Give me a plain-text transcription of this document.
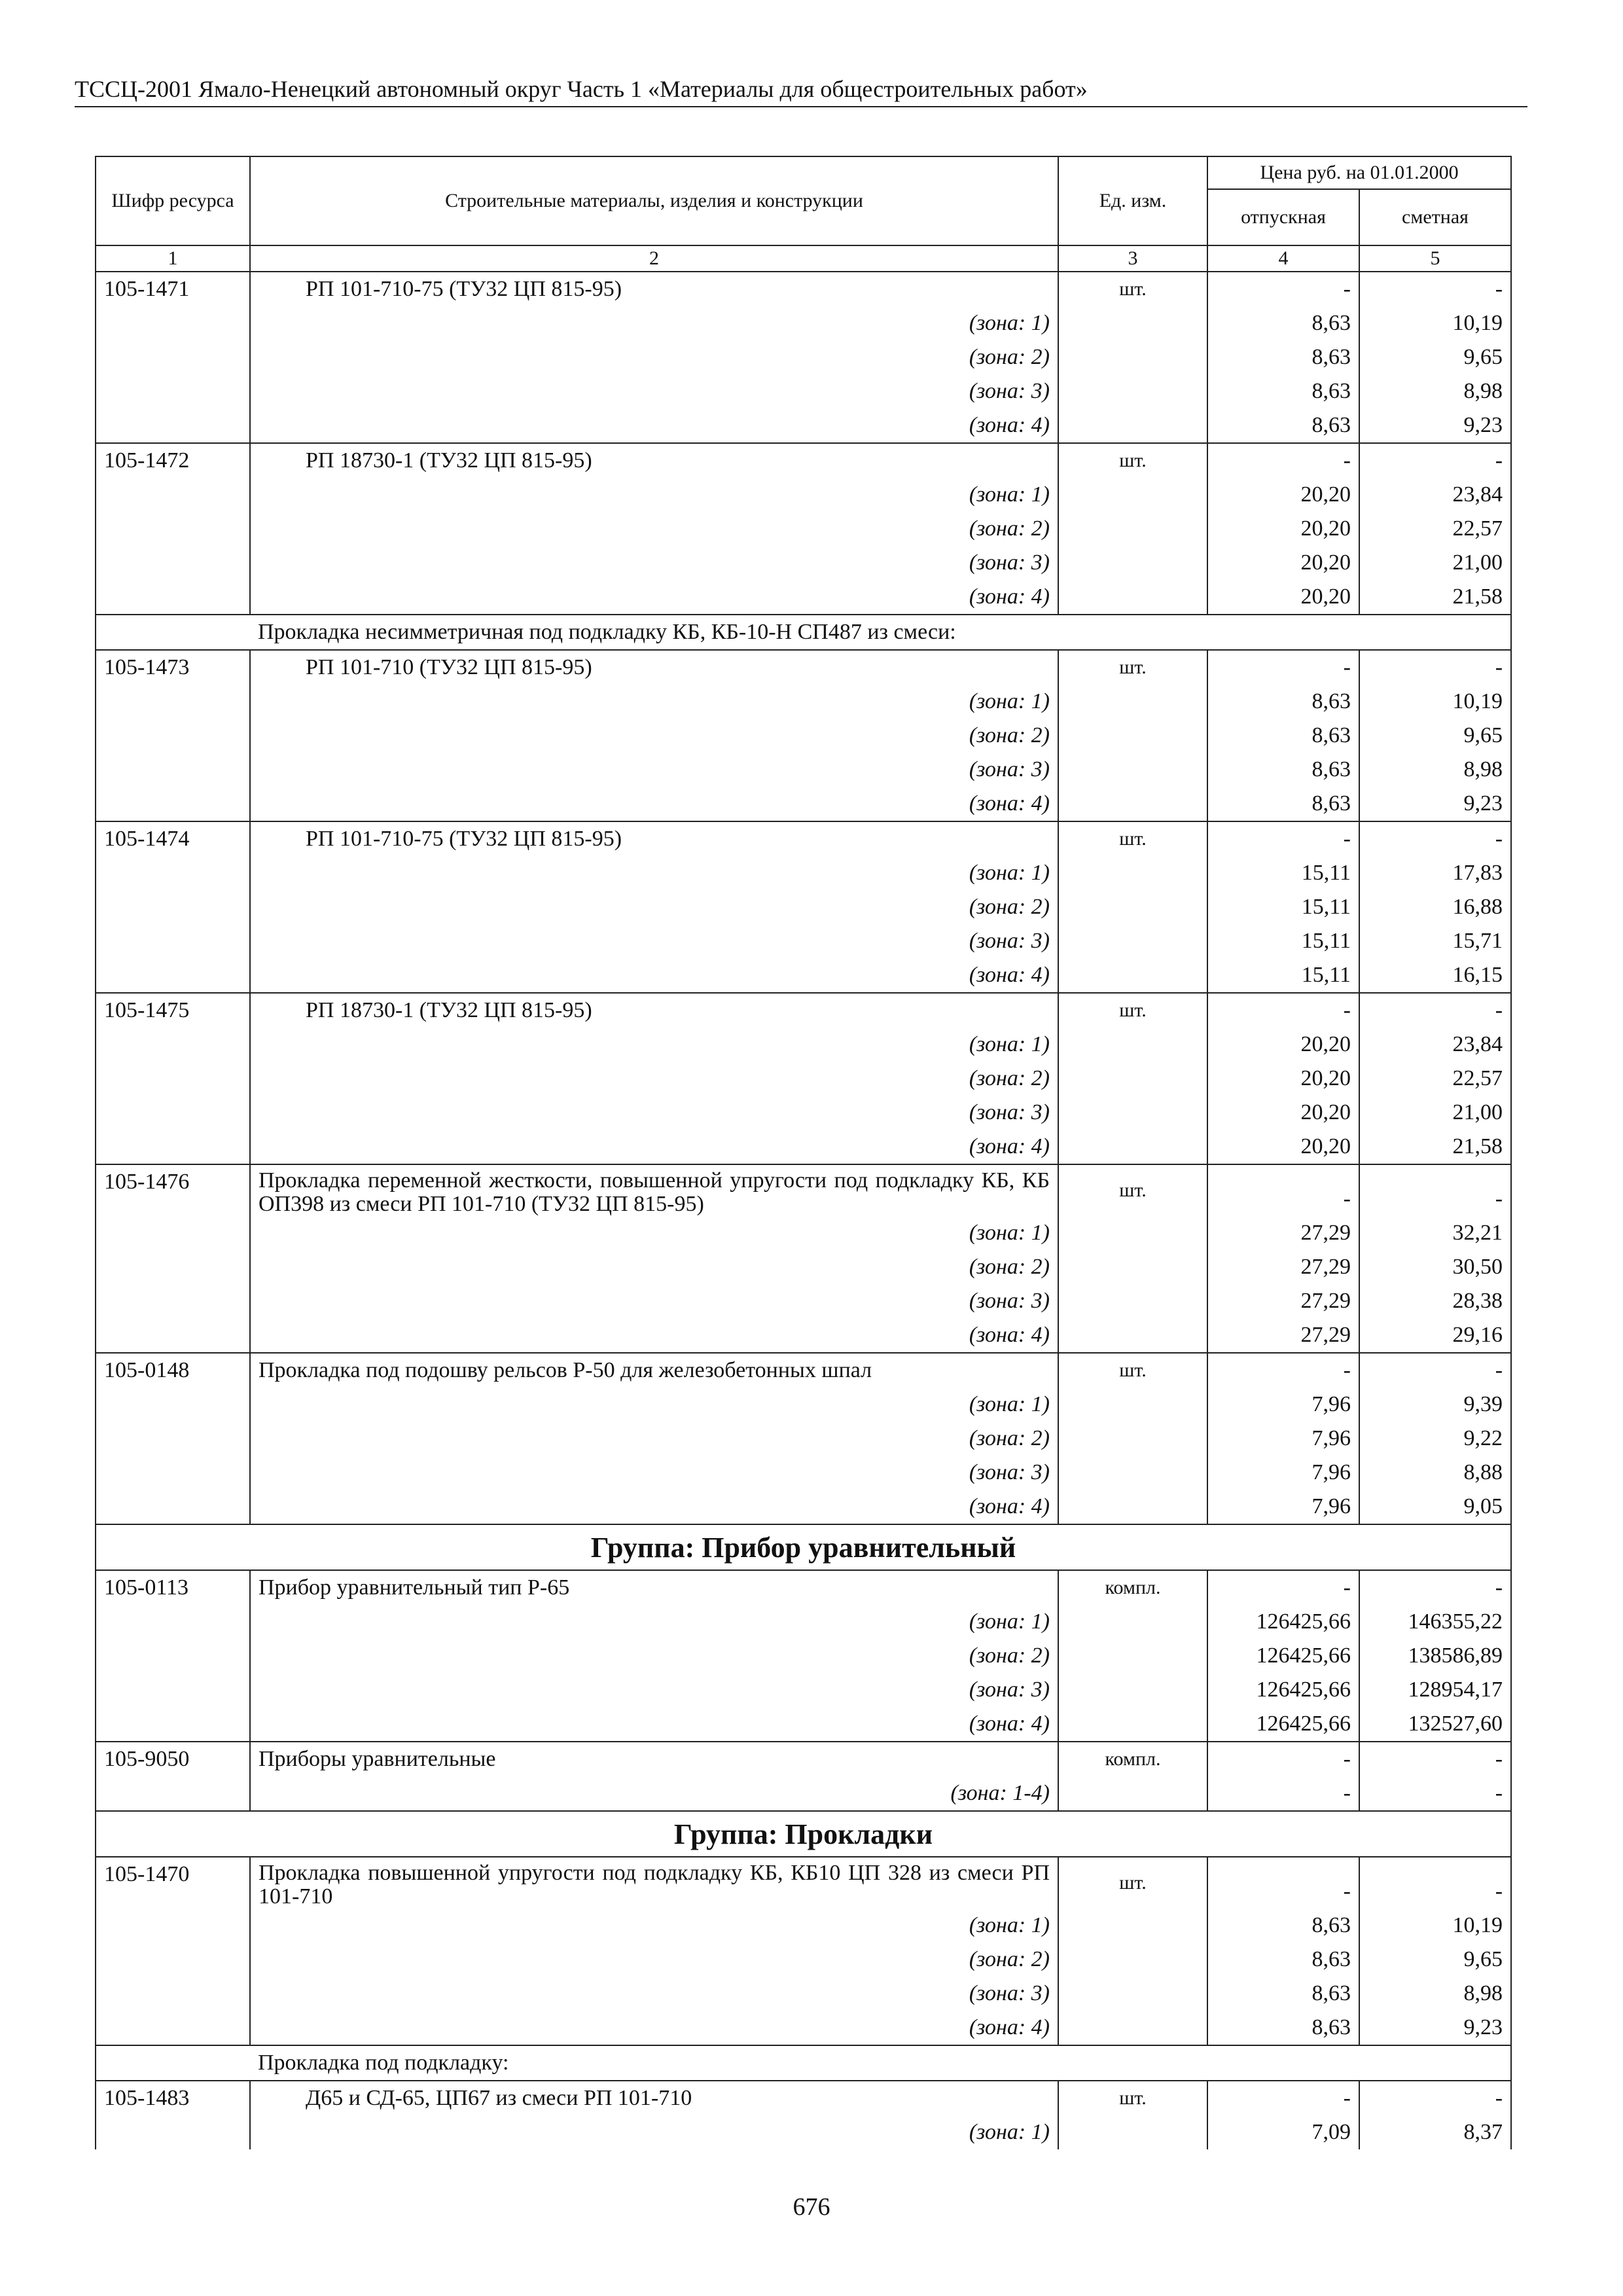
ТССЦ-2001 Ямало-Ненецкий автономный округ Часть 1 «Материалы для общестроительных работ»
Шифр ресурса	Строительные материалы, изделия и конструкции	Ед. изм.	Цена руб. на 01.01.2000	
			отпускная	сметная
1	2	3	4	5
105-1471	РП 101-710-75 (ТУ32 ЦП 815-95)	шт.	-	-
	(зона: 1)		8,63	10,19
	(зона: 2)		8,63	9,65
	(зона: 3)		8,63	8,98
	(зона: 4)		8,63	9,23
105-1472	РП 18730-1 (ТУ32 ЦП 815-95)	шт.	-	-
	(зона: 1)		20,20	23,84
	(зона: 2)		20,20	22,57
	(зона: 3)		20,20	21,00
	(зона: 4)		20,20	21,58
	Прокладка несимметричная под подкладку КБ, КБ-10-Н СП487 из смеси:			
105-1473	РП 101-710 (ТУ32 ЦП 815-95)	шт.	-	-
	(зона: 1)		8,63	10,19
	(зона: 2)		8,63	9,65
	(зона: 3)		8,63	8,98
	(зона: 4)		8,63	9,23
105-1474	РП 101-710-75 (ТУ32 ЦП 815-95)	шт.	-	-
	(зона: 1)		15,11	17,83
	(зона: 2)		15,11	16,88
	(зона: 3)		15,11	15,71
	(зона: 4)		15,11	16,15
105-1475	РП 18730-1 (ТУ32 ЦП 815-95)	шт.	-	-
	(зона: 1)		20,20	23,84
	(зона: 2)		20,20	22,57
	(зона: 3)		20,20	21,00
	(зона: 4)		20,20	21,58
105-1476	Прокладка переменной жесткости, повышенной упругости под подкладку КБ, КБ ОП398 из смеси РП 101-710 (ТУ32 ЦП 815-95)	шт.	-	-
	(зона: 1)		27,29	32,21
	(зона: 2)		27,29	30,50
	(зона: 3)		27,29	28,38
	(зона: 4)		27,29	29,16
105-0148	Прокладка под подошву рельсов Р-50 для железобетонных шпал	шт.	-	-
	(зона: 1)		7,96	9,39
	(зона: 2)		7,96	9,22
	(зона: 3)		7,96	8,88
	(зона: 4)		7,96	9,05
Группа: Прибор уравнительный				
105-0113	Прибор уравнительный тип Р-65	компл.	-	-
	(зона: 1)		126425,66	146355,22
	(зона: 2)		126425,66	138586,89
	(зона: 3)		126425,66	128954,17
	(зона: 4)		126425,66	132527,60
105-9050	Приборы уравнительные	компл.	-	-
	(зона: 1-4)		-	-
Группа: Прокладки				
105-1470	Прокладка повышенной упругости под подкладку КБ, КБ10 ЦП 328 из смеси РП 101-710	шт.	-	-
	(зона: 1)		8,63	10,19
	(зона: 2)		8,63	9,65
	(зона: 3)		8,63	8,98
	(зона: 4)		8,63	9,23
	Прокладка под подкладку:			
105-1483	Д65 и СД-65, ЦП67 из смеси РП 101-710	шт.	-	-
	(зона: 1)		7,09	8,37
676
